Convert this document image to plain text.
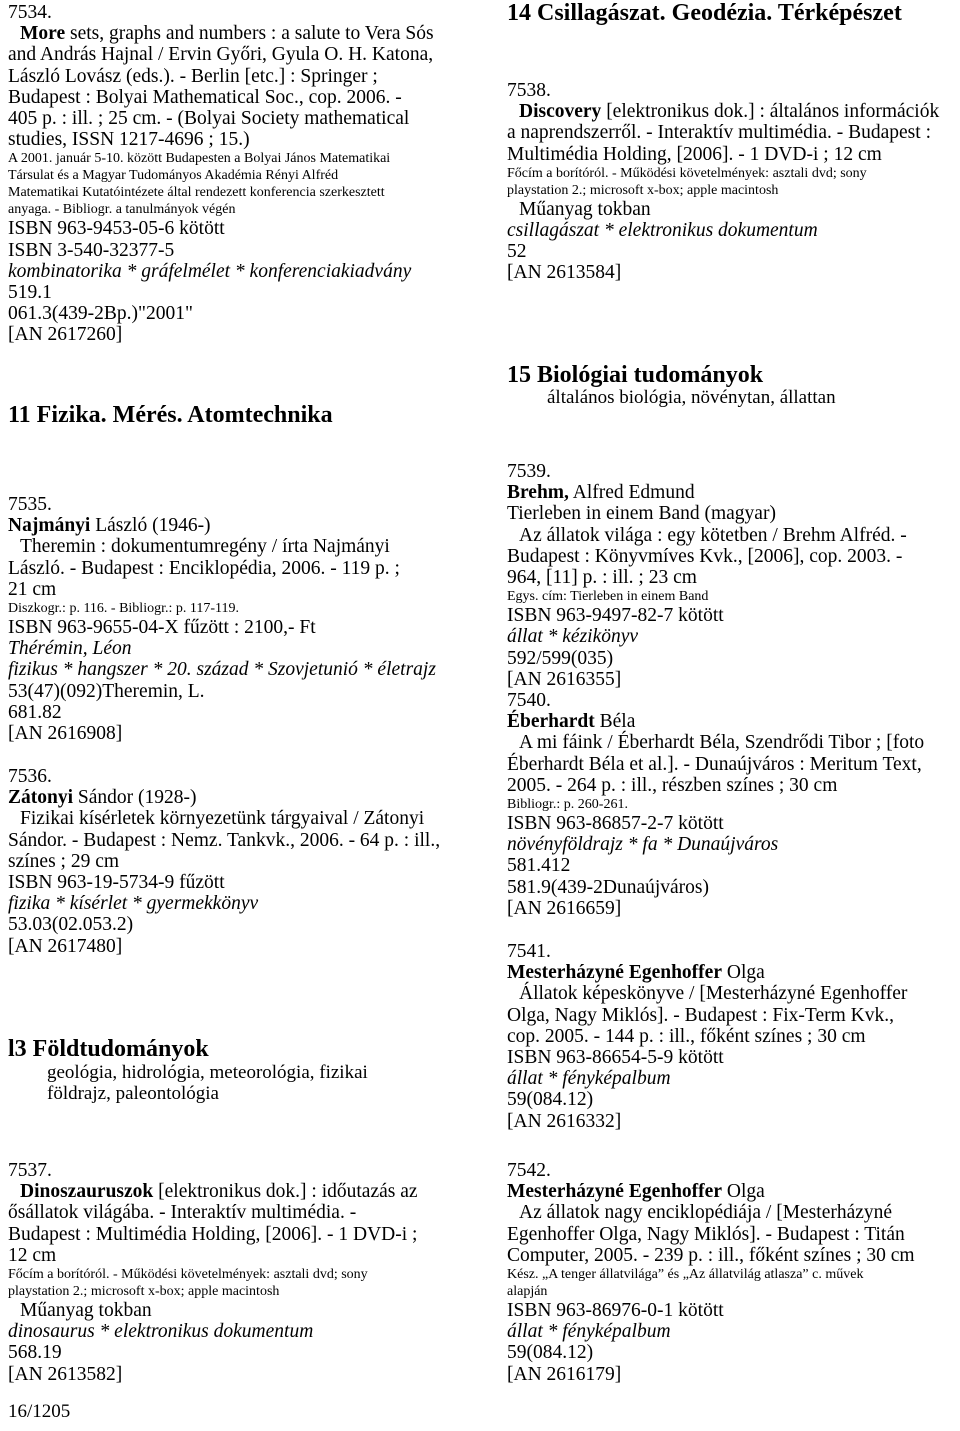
7534.
More sets, graphs and numbers : a salute to Vera Sós
and András Hajnal / Ervin Győri, Gyula O. H. Katona,
László Lovász (eds.). - Berlin [etc.] : Springer ;
Budapest : Bolyai Mathematical Soc., cop. 2006. -
405 p. : ill. ; 25 cm. - (Bolyai Society mathematical
studies, ISSN 1217-4696 ; 15.)
A 2001. január 5-10. között Budapesten a Bolyai János Matematikai
Társulat és a Magyar Tudományos Akadémia Rényi Alfréd
Matematikai Kutatóintézete által rendezett konferencia szerkesztett
anyaga. - Bibliogr. a tanulmányok végén
ISBN 963-9453-05-6 kötött
ISBN 3-540-32377-5
kombinatorika * gráfelmélet * konferenciakiadvány
519.1
061.3(439-2Bp.)"2001"
[AN 2617260]
11 Fizika. Mérés. Atomtechnika
7535.
Najmányi László (1946-)
Theremin : dokumentumregény / írta Najmányi
László. - Budapest : Enciklopédia, 2006. - 119 p. ;
21 cm
Diszkogr.: p. 116. - Bibliogr.: p. 117-119.
ISBN 963-9655-04-X fűzött : 2100,- Ft
Thérémin, Léon
fizikus * hangszer * 20. század * Szovjetunió * életrajz
53(47)(092)Theremin, L.
681.82
[AN 2616908]
7536.
Zátonyi Sándor (1928-)
Fizikai kísérletek környezetünk tárgyaival / Zátonyi
Sándor. - Budapest : Nemz. Tankvk., 2006. - 64 p. : ill.,
színes ; 29 cm
ISBN 963-19-5734-9 fűzött
fizika * kísérlet * gyermekkönyv
53.03(02.053.2)
[AN 2617480]
l3 Földtudományok
geológia, hidrológia, meteorológia, fizikai
földrajz, paleontológia
7537.
Dinoszauruszok [elektronikus dok.] : időutazás az
ősállatok világába. - Interaktív multimédia. -
Budapest : Multimédia Holding, [2006]. - 1 DVD-i ;
12 cm
Főcím a borítóról. - Működési követelmények: asztali dvd; sony
playstation 2.; microsoft x-box; apple macintosh
Műanyag tokban
dinosaurus * elektronikus dokumentum
568.19
[AN 2613582]
16/1205
14 Csillagászat. Geodézia. Térképészet
7538.
Discovery [elektronikus dok.] : általános információk
a naprendszerről. - Interaktív multimédia. - Budapest :
Multimédia Holding, [2006]. - 1 DVD-i ; 12 cm
Főcím a borítóról. - Működési követelmények: asztali dvd; sony
playstation 2.; microsoft x-box; apple macintosh
Műanyag tokban
csillagászat * elektronikus dokumentum
52
[AN 2613584]
15 Biológiai tudományok
általános biológia, növénytan, állattan
7539.
Brehm, Alfred Edmund
Tierleben in einem Band (magyar)
Az állatok világa : egy kötetben / Brehm Alfréd. -
Budapest : Könyvmíves Kvk., [2006], cop. 2003. -
964, [11] p. : ill. ; 23 cm
Egys. cím: Tierleben in einem Band
ISBN 963-9497-82-7 kötött
állat * kézikönyv
592/599(035)
[AN 2616355]
7540.
Éberhardt Béla
A mi fáink / Éberhardt Béla, Szendrődi Tibor ; [foto
Éberhardt Béla et al.]. - Dunaújváros : Meritum Text,
2005. - 264 p. : ill., részben színes ; 30 cm
Bibliogr.: p. 260-261.
ISBN 963-86857-2-7 kötött
növényföldrajz * fa * Dunaújváros
581.412
581.9(439-2Dunaújváros)
[AN 2616659]
7541.
Mesterházyné Egenhoffer Olga
Állatok képeskönyve / [Mesterházyné Egenhoffer
Olga, Nagy Miklós]. - Budapest : Fix-Term Kvk.,
cop. 2005. - 144 p. : ill., főként színes ; 30 cm
ISBN 963-86654-5-9 kötött
állat * fényképalbum
59(084.12)
[AN 2616332]
7542.
Mesterházyné Egenhoffer Olga
Az állatok nagy enciklopédiája / [Mesterházyné
Egenhoffer Olga, Nagy Miklós]. - Budapest : Titán
Computer, 2005. - 239 p. : ill., főként színes ; 30 cm
Kész. „A tenger állatvilága” és „Az állatvilág atlasza” c. művek
alapján
ISBN 963-86976-0-1 kötött
állat * fényképalbum
59(084.12)
[AN 2616179]
